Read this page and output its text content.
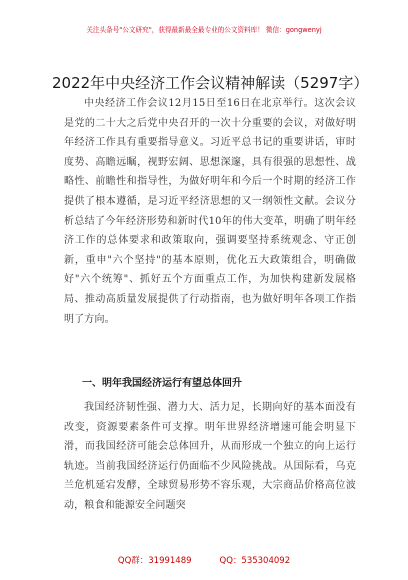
关注头条号"公文研究"，获得最新最全最专业的公文资料库！ 微信：gongwenyj
2022年中央经济工作会议精神解读（5297字）

中央经济工作会议12月15日至16日在北京举行。这次会议是党的二十大之后党中央召开的一次十分重要的会议，对做好明年经济工作具有重要指导意义。习近平总书记的重要讲话，审时度势、高瞻远瞩，视野宏阔、思想深邃，具有很强的思想性、战略性、前瞻性和指导性，为做好明年和今后一个时期的经济工作提供了根本遵循，是习近平经济思想的又一纲领性文献。会议分析总结了今年经济形势和新时代10年的伟大变革，明确了明年经济工作的总体要求和政策取向，强调要坚持系统观念、守正创新，重申"六个坚持"的基本原则，优化五大政策组合，明确做好"六个统筹"、抓好五个方面重点工作，为加快构建新发展格局、推动高质量发展提供了行动指南，也为做好明年各项工作指明了方向。

一、明年我国经济运行有望总体回升

我国经济韧性强、潜力大、活力足，长期向好的基本面没有改变，资源要素条件可支撑。明年世界经济增速可能会明显下滑，而我国经济可能会总体回升，从而形成一个独立的向上运行轨迹。当前我国经济运行仍面临不少风险挑战。从国际看，乌克兰危机延宕发酵，全球贸易形势不容乐观，大宗商品价格高位波动，粮食和能源安全问题突

QQ群：31991489	QQ：535304092
